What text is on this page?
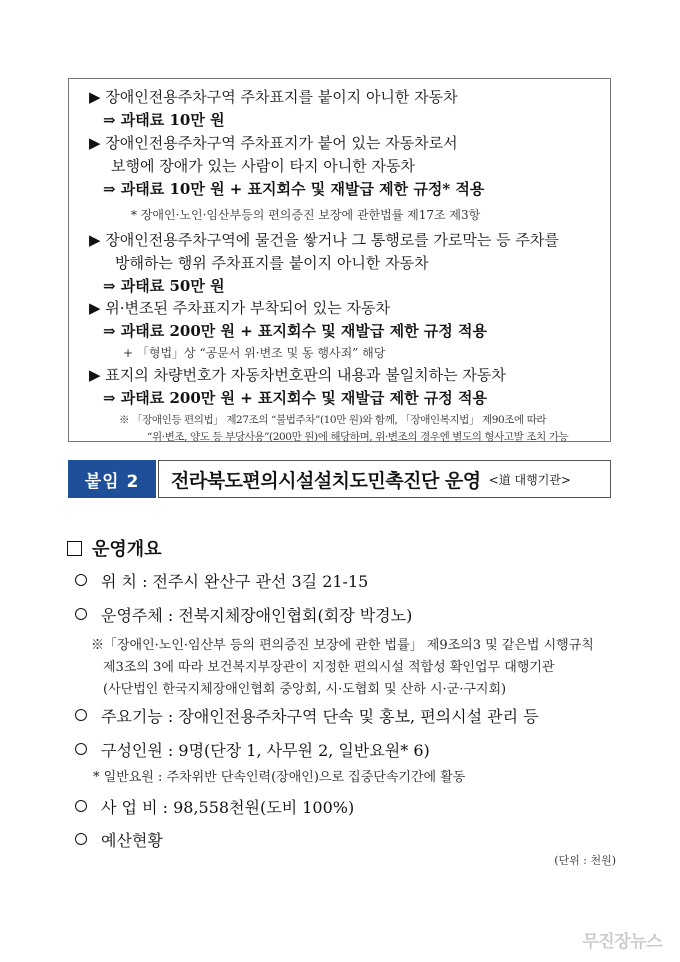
▶ 장애인전용주차구역 주차표지를 붙이지 아니한 자동차
⇒ 과태료 10만 원
▶ 장애인전용주차구역 주차표지가 붙어 있는 자동차로서
보행에 장애가 있는 사람이 타지 아니한 자동차
⇒ 과태료 10만 원 + 표지회수 및 재발급 제한 규정* 적용
* 장애인·노인·임산부등의 편의증진 보장에 관한법률 제17조 제3항
▶ 장애인전용주차구역에 물건을 쌓거나 그 통행로를 가로막는 등 주차를
방해하는 행위 주차표지를 붙이지 아니한 자동차
⇒ 과태료 50만 원
▶ 위·변조된 주차표지가 부착되어 있는 자동차
⇒ 과태료 200만 원 + 표지회수 및 재발급 제한 규정 적용
+ 「형법」상 “공문서 위·변조 및 동 행사죄” 해당
▶ 표지의 차량번호가 자동차번호판의 내용과 불일치하는 자동차
⇒ 과태료 200만 원 + 표지회수 및 재발급 제한 규정 적용
※ 「장애인등 편의법」 제27조의 “불법주차”(10만 원)와 함께, 「장애인복지법」 제90조에 따라
“위·변조, 양도 등 부당사용”(200만 원)에 해당하며, 위·변조의 경우엔 별도의 형사고발 조치 가능
붙임 2	전라북도편의시설설치도민촉진단 운영 <道 대행기관>
운영개요
위 치 : 전주시 완산구 관선 3길 21-15
운영주체 : 전북지체장애인협회(회장 박경노)
※「장애인·노인·임산부 등의 편의증진 보장에 관한 법률」 제9조의3 및 같은법 시행규칙
제3조의 3에 따라 보건복지부장관이 지정한 편의시설 적합성 확인업무 대행기관
(사단법인 한국지체장애인협회 중앙회, 시·도협회 및 산하 시·군·구지회)
주요기능 : 장애인전용주차구역 단속 및 홍보, 편의시설 관리 등
구성인원 : 9명(단장 1, 사무원 2, 일반요원* 6)
* 일반요원 : 주차위반 단속인력(장애인)으로 집중단속기간에 활동
사 업 비 : 98,558천원(도비 100%)
예산현황
(단위 : 천원)
무진장뉴스
